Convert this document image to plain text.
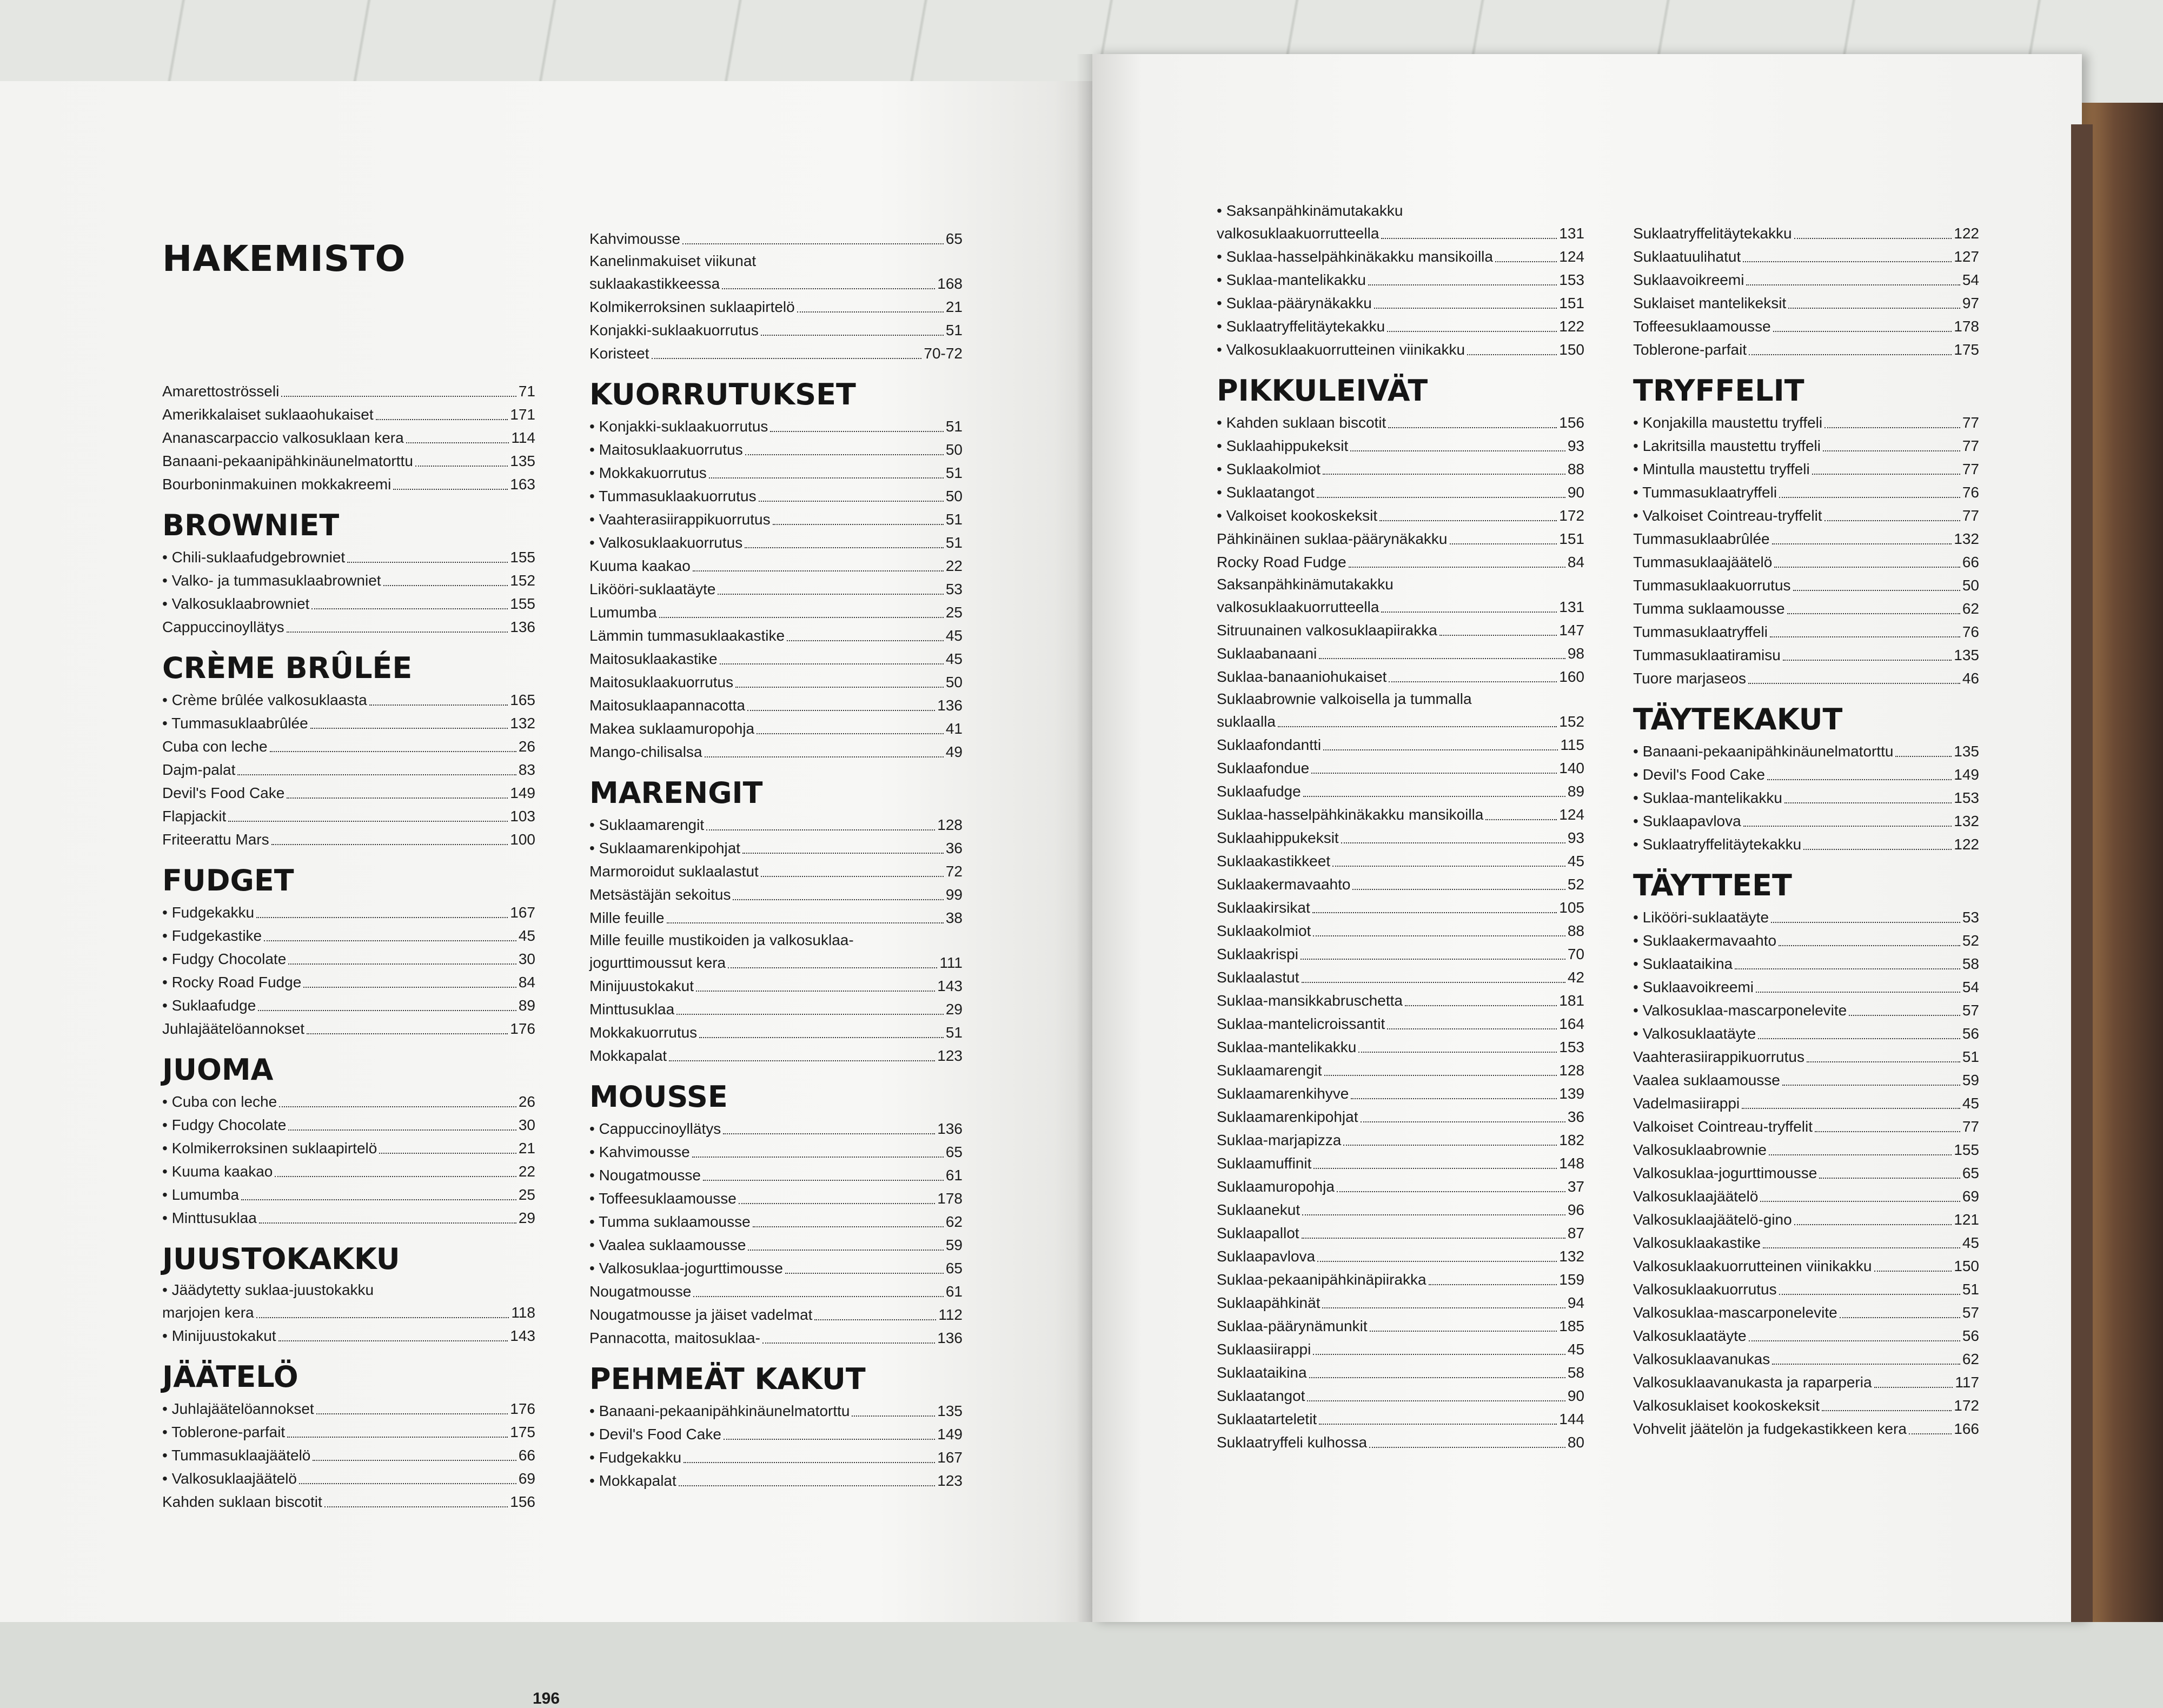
HAKEMISTO
Amarettoströsseli	71
Amerikkalaiset suklaaohukaiset	171
Ananascarpaccio valkosuklaan kera	114
Banaani-pekaanipähkinäunelmatorttu	135
Bourboninmakuinen mokkakreemi	163
BROWNIET
• Chili-suklaafudgebrowniet	155
• Valko- ja tummasuklaabrowniet	152
• Valkosuklaabrowniet	155
Cappuccinoyllätys	136
CRÈME BRÛLÉE
• Crème brûlée valkosuklaasta	165
• Tummasuklaabrûlée	132
Cuba con leche	26
Dajm-palat	83
Devil's Food Cake	149
Flapjackit	103
Friteerattu Mars	100
FUDGET
• Fudgekakku	167
• Fudgekastike	45
• Fudgy Chocolate	30
• Rocky Road Fudge	84
• Suklaafudge	89
Juhlajäätelöannokset	176
JUOMA
• Cuba con leche	26
• Fudgy Chocolate	30
• Kolmikerroksinen suklaapirtelö	21
• Kuuma kaakao	22
• Lumumba	25
• Minttusuklaa	29
JUUSTOKAKKU
• Jäädytetty suklaa-juustokakku
marjojen kera	118
• Minijuustokakut	143
JÄÄTELÖ
• Juhlajäätelöannokset	176
• Toblerone-parfait	175
• Tummasuklaajäätelö	66
• Valkosuklaajäätelö	69
Kahden suklaan biscotit	156
Kahvimousse	65
Kanelinmakuiset viikunat
suklaakastikkeessa	168
Kolmikerroksinen suklaapirtelö	21
Konjakki-suklaakuorrutus	51
Koristeet	70-72
KUORRUTUKSET
• Konjakki-suklaakuorrutus	51
• Maitosuklaakuorrutus	50
• Mokkakuorrutus	51
• Tummasuklaakuorrutus	50
• Vaahterasiirappikuorrutus	51
• Valkosuklaakuorrutus	51
Kuuma kaakao	22
Likööri-suklaatäyte	53
Lumumba	25
Lämmin tummasuklaakastike	45
Maitosuklaakastike	45
Maitosuklaakuorrutus	50
Maitosuklaapannacotta	136
Makea suklaamuropohja	41
Mango-chilisalsa	49
MARENGIT
• Suklaamarengit	128
• Suklaamarenkipohjat	36
Marmoroidut suklaalastut	72
Metsästäjän sekoitus	99
Mille feuille	38
Mille feuille mustikoiden ja valkosuklaa-
jogurttimoussut kera	111
Minijuustokakut	143
Minttusuklaa	29
Mokkakuorrutus	51
Mokkapalat	123
MOUSSE
• Cappuccinoyllätys	136
• Kahvimousse	65
• Nougatmousse	61
• Toffeesuklaamousse	178
• Tumma suklaamousse	62
• Vaalea suklaamousse	59
• Valkosuklaa-jogurttimousse	65
Nougatmousse	61
Nougatmousse ja jäiset vadelmat	112
Pannacotta, maitosuklaa-	136
PEHMEÄT KAKUT
• Banaani-pekaanipähkinäunelmatorttu	135
• Devil's Food Cake	149
• Fudgekakku	167
• Mokkapalat	123
196
• Saksanpähkinämutakakku
valkosuklaakuorrutteella	131
• Suklaa-hasselpähkinäkakku mansikoilla	124
• Suklaa-mantelikakku	153
• Suklaa-päärynäkakku	151
• Suklaatryffelitäytekakku	122
• Valkosuklaakuorrutteinen viinikakku	150
PIKKULEIVÄT
• Kahden suklaan biscotit	156
• Suklaahippukeksit	93
• Suklaakolmiot	88
• Suklaatangot	90
• Valkoiset kookoskeksit	172
Pähkinäinen suklaa-päärynäkakku	151
Rocky Road Fudge	84
Saksanpähkinämutakakku
valkosuklaakuorrutteella	131
Sitruunainen valkosuklaapiirakka	147
Suklaabanaani	98
Suklaa-banaaniohukaiset	160
Suklaabrownie valkoisella ja tummalla
suklaalla	152
Suklaafondantti	115
Suklaafondue	140
Suklaafudge	89
Suklaa-hasselpähkinäkakku mansikoilla	124
Suklaahippukeksit	93
Suklaakastikkeet	45
Suklaakermavaahto	52
Suklaakirsikat	105
Suklaakolmiot	88
Suklaakrispi	70
Suklaalastut	42
Suklaa-mansikkabruschetta	181
Suklaa-mantelicroissantit	164
Suklaa-mantelikakku	153
Suklaamarengit	128
Suklaamarenkihyve	139
Suklaamarenkipohjat	36
Suklaa-marjapizza	182
Suklaamuffinit	148
Suklaamuropohja	37
Suklaanekut	96
Suklaapallot	87
Suklaapavlova	132
Suklaa-pekaanipähkinäpiirakka	159
Suklaapähkinät	94
Suklaa-päärynämunkit	185
Suklaasiirappi	45
Suklaataikina	58
Suklaatangot	90
Suklaatarteletit	144
Suklaatryffeli kulhossa	80
Suklaatryffelitäytekakku	122
Suklaatuulihatut	127
Suklaavoikreemi	54
Suklaiset mantelikeksit	97
Toffeesuklaamousse	178
Toblerone-parfait	175
TRYFFELIT
• Konjakilla maustettu tryffeli	77
• Lakritsilla maustettu tryffeli	77
• Mintulla maustettu tryffeli	77
• Tummasuklaatryffeli	76
• Valkoiset Cointreau-tryffelit	77
Tummasuklaabrûlée	132
Tummasuklaajäätelö	66
Tummasuklaakuorrutus	50
Tumma suklaamousse	62
Tummasuklaatryffeli	76
Tummasuklaatiramisu	135
Tuore marjaseos	46
TÄYTEKAKUT
• Banaani-pekaanipähkinäunelmatorttu	135
• Devil's Food Cake	149
• Suklaa-mantelikakku	153
• Suklaapavlova	132
• Suklaatryffelitäytekakku	122
TÄYTTEET
• Likööri-suklaatäyte	53
• Suklaakermavaahto	52
• Suklaataikina	58
• Suklaavoikreemi	54
• Valkosuklaa-mascarponelevite	57
• Valkosuklaatäyte	56
Vaahterasiirappikuorrutus	51
Vaalea suklaamousse	59
Vadelmasiirappi	45
Valkoiset Cointreau-tryffelit	77
Valkosuklaabrownie	155
Valkosuklaa-jogurttimousse	65
Valkosuklaajäätelö	69
Valkosuklaajäätelö-gino	121
Valkosuklaakastike	45
Valkosuklaakuorrutteinen viinikakku	150
Valkosuklaakuorrutus	51
Valkosuklaa-mascarponelevite	57
Valkosuklaatäyte	56
Valkosuklaavanukas	62
Valkosuklaavanukasta ja raparperia	117
Valkosuklaiset kookoskeksit	172
Vohvelit jäätelön ja fudgekastikkeen kera	166
